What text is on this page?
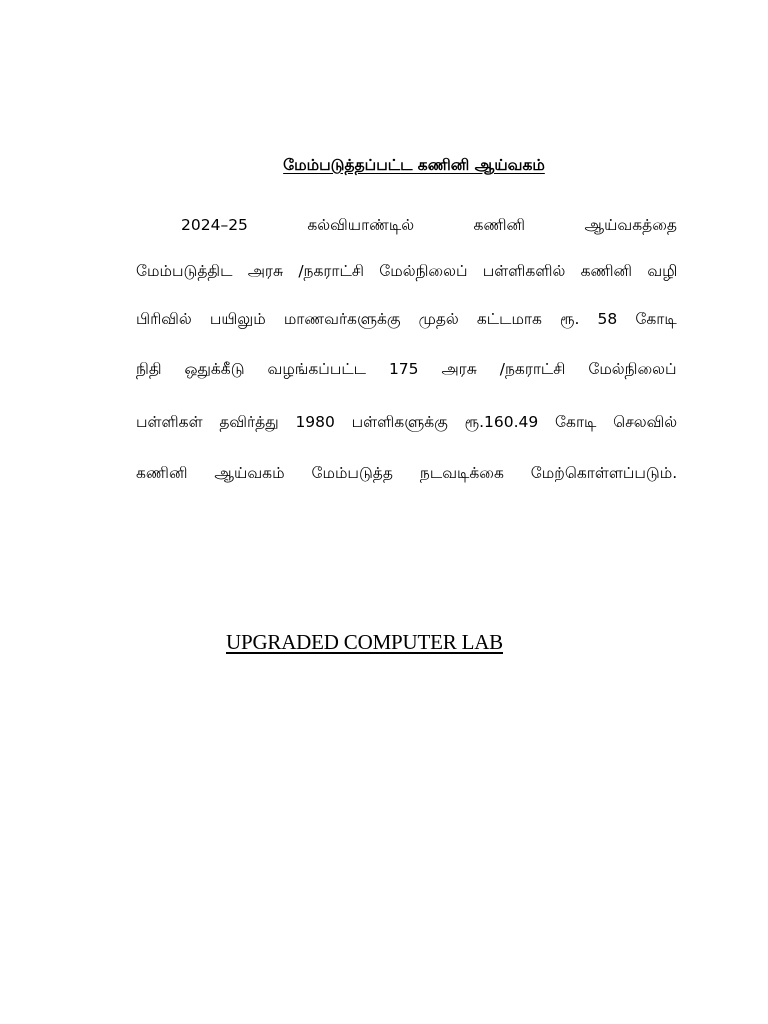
மேம்படுத்தப்பட்ட கணினி ஆய்வகம்
2024–25	கல்வியாண்டில்	கணினி	ஆய்வகத்தை
மேம்படுத்திட அரசு /நகராட்சி மேல்நிலைப் பள்ளிகளில் கணினி வழி
பிரிவில் பயிலும் மாணவர்களுக்கு முதல் கட்டமாக ரூ. 58 கோடி
நிதி ஒதுக்கீடு வழங்கப்பட்ட 175 அரசு /நகராட்சி மேல்நிலைப்
பள்ளிகள் தவிர்த்து 1980 பள்ளிகளுக்கு ரூ.160.49 கோடி செலவில்
கணினி ஆய்வகம் மேம்படுத்த நடவடிக்கை மேற்கொள்ளப்படும்.
UPGRADED COMPUTER LAB
